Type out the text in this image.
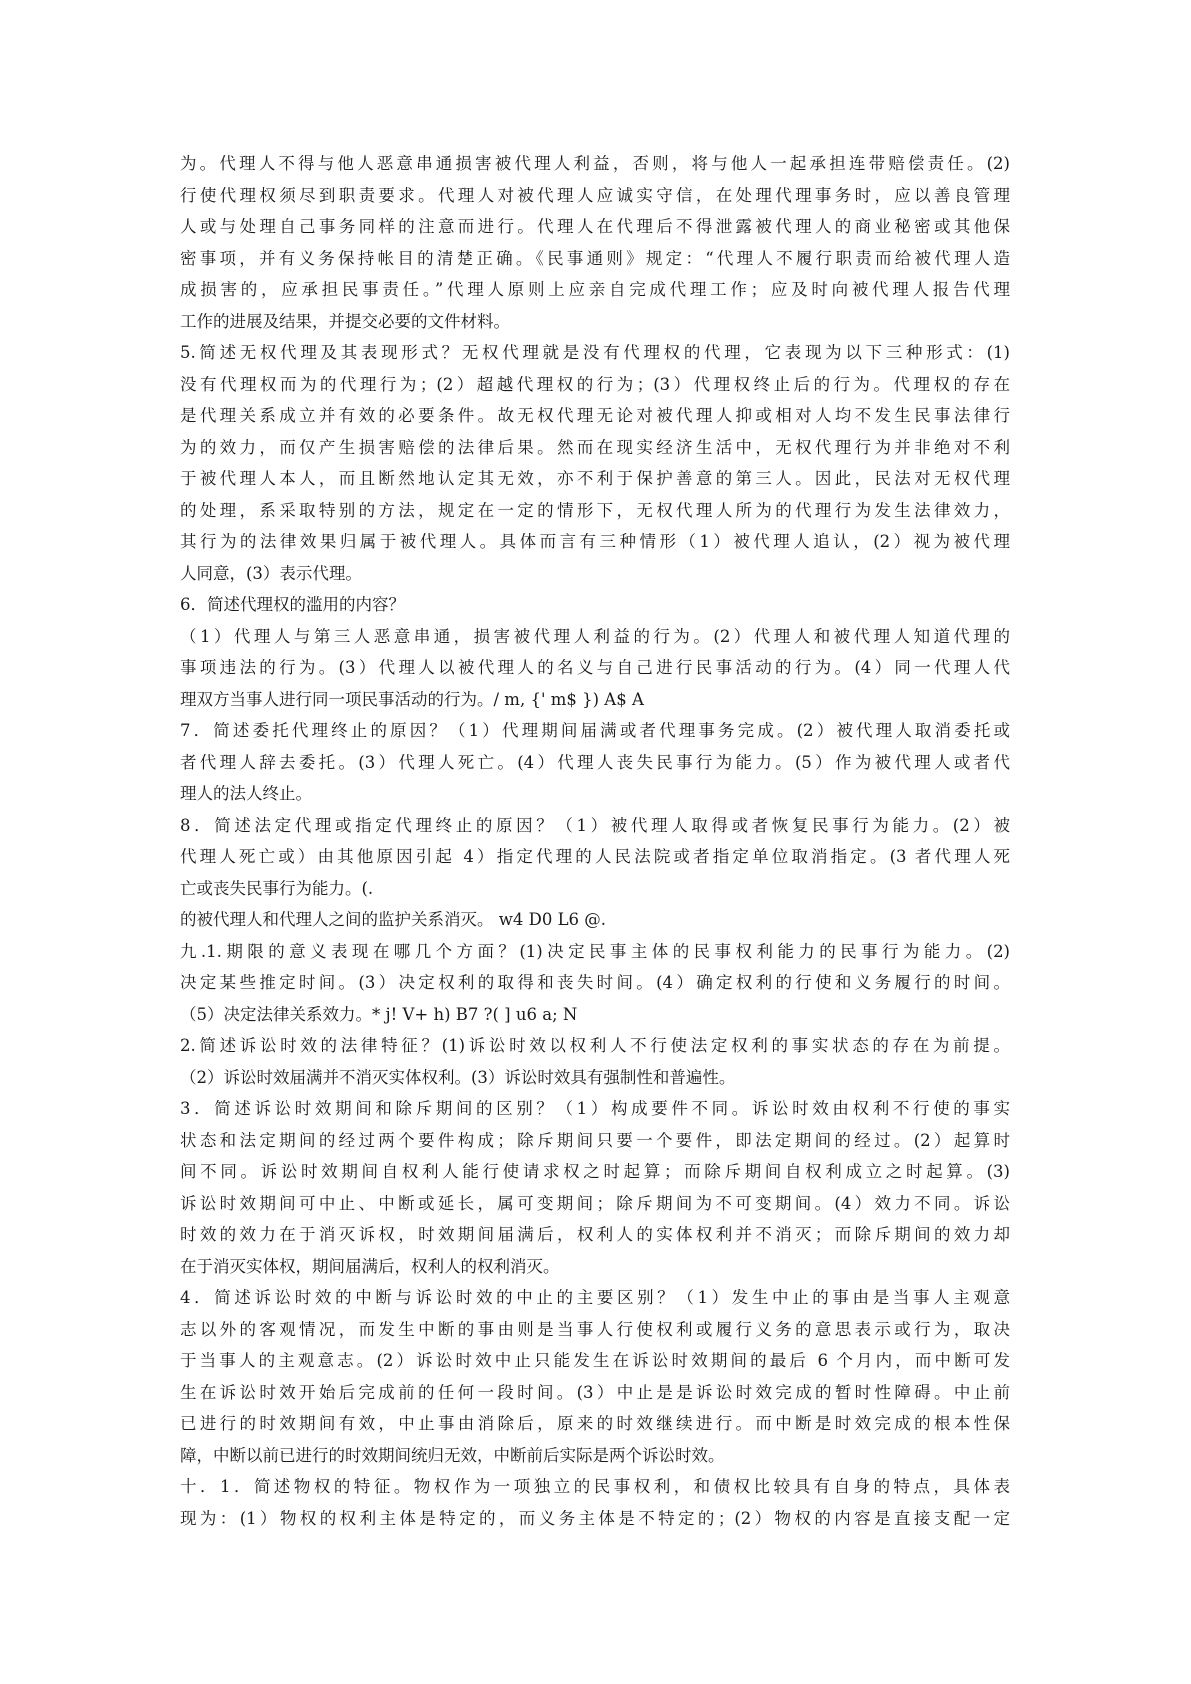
为。代理人不得与他人恶意串通损害被代理人利益，否则，将与他人一起承担连带赔偿责任。(2)
行使代理权须尽到职责要求。代理人对被代理人应诚实守信，在处理代理事务时，应以善良管理
人或与处理自己事务同样的注意而进行。代理人在代理后不得泄露被代理人的商业秘密或其他保
密事项，并有义务保持帐目的清楚正确。《民事通则》规定：“代理人不履行职责而给被代理人造
成损害的，应承担民事责任。”代理人原则上应亲自完成代理工作；应及时向被代理人报告代理
工作的进展及结果，并提交必要的文件材料。
5.简述无权代理及其表现形式？无权代理就是没有代理权的代理，它表现为以下三种形式：(1)
没有代理权而为的代理行为；(2）超越代理权的行为；(3）代理权终止后的行为。代理权的存在
是代理关系成立并有效的必要条件。故无权代理无论对被代理人抑或相对人均不发生民事法律行
为的效力，而仅产生损害赔偿的法律后果。然而在现实经济生活中，无权代理行为并非绝对不利
于被代理人本人，而且断然地认定其无效，亦不利于保护善意的第三人。因此，民法对无权代理
的处理，系采取特别的方法，规定在一定的情形下，无权代理人所为的代理行为发生法律效力，
其行为的法律效果归属于被代理人。具体而言有三种情形（1）被代理人追认，(2）视为被代理
人同意，(3）表示代理。
6．简述代理权的滥用的内容？
（1）代理人与第三人恶意串通，损害被代理人利益的行为。(2）代理人和被代理人知道代理的
事项违法的行为。(3）代理人以被代理人的名义与自己进行民事活动的行为。(4）同一代理人代
理双方当事人进行同一项民事活动的行为。/ m, {' m$ }) A$ A
7．简述委托代理终止的原因？（1）代理期间届满或者代理事务完成。(2）被代理人取消委托或
者代理人辞去委托。(3）代理人死亡。(4）代理人丧失民事行为能力。(5）作为被代理人或者代
理人的法人终止。
8．简述法定代理或指定代理终止的原因？（1）被代理人取得或者恢复民事行为能力。(2）被
代理人死亡或）由其他原因引起 4）指定代理的人民法院或者指定单位取消指定。(3 者代理人死
亡或丧失民事行为能力。(.
的被代理人和代理人之间的监护关系消灭。 w4 D0 L6 @.
九.1.期限的意义表现在哪几个方面？(1)决定民事主体的民事权利能力的民事行为能力。(2)
决定某些推定时间。(3）决定权利的取得和丧失时间。(4）确定权利的行使和义务履行的时间。
（5）决定法律关系效力。* j! V+ h) B7 ?( ] u6 a; N
2.简述诉讼时效的法律特征？(1)诉讼时效以权利人不行使法定权利的事实状态的存在为前提。
（2）诉讼时效届满并不消灭实体权利。(3）诉讼时效具有强制性和普遍性。
3．简述诉讼时效期间和除斥期间的区别？（1）构成要件不同。诉讼时效由权利不行使的事实
状态和法定期间的经过两个要件构成；除斥期间只要一个要件，即法定期间的经过。(2）起算时
间不同。诉讼时效期间自权利人能行使请求权之时起算；而除斥期间自权利成立之时起算。(3)
诉讼时效期间可中止、中断或延长，属可变期间；除斥期间为不可变期间。(4）效力不同。诉讼
时效的效力在于消灭诉权，时效期间届满后，权利人的实体权利并不消灭；而除斥期间的效力却
在于消灭实体权，期间届满后，权利人的权利消灭。
4．简述诉讼时效的中断与诉讼时效的中止的主要区别？（1）发生中止的事由是当事人主观意
志以外的客观情况，而发生中断的事由则是当事人行使权利或履行义务的意思表示或行为，取决
于当事人的主观意志。(2）诉讼时效中止只能发生在诉讼时效期间的最后 6 个月内，而中断可发
生在诉讼时效开始后完成前的任何一段时间。(3）中止是是诉讼时效完成的暂时性障碍。中止前
已进行的时效期间有效，中止事由消除后，原来的时效继续进行。而中断是时效完成的根本性保
障，中断以前已进行的时效期间统归无效，中断前后实际是两个诉讼时效。
十．1．简述物权的特征。物权作为一项独立的民事权利，和债权比较具有自身的特点，具体表
现为：(1）物权的权利主体是特定的，而义务主体是不特定的；(2）物权的内容是直接支配一定
